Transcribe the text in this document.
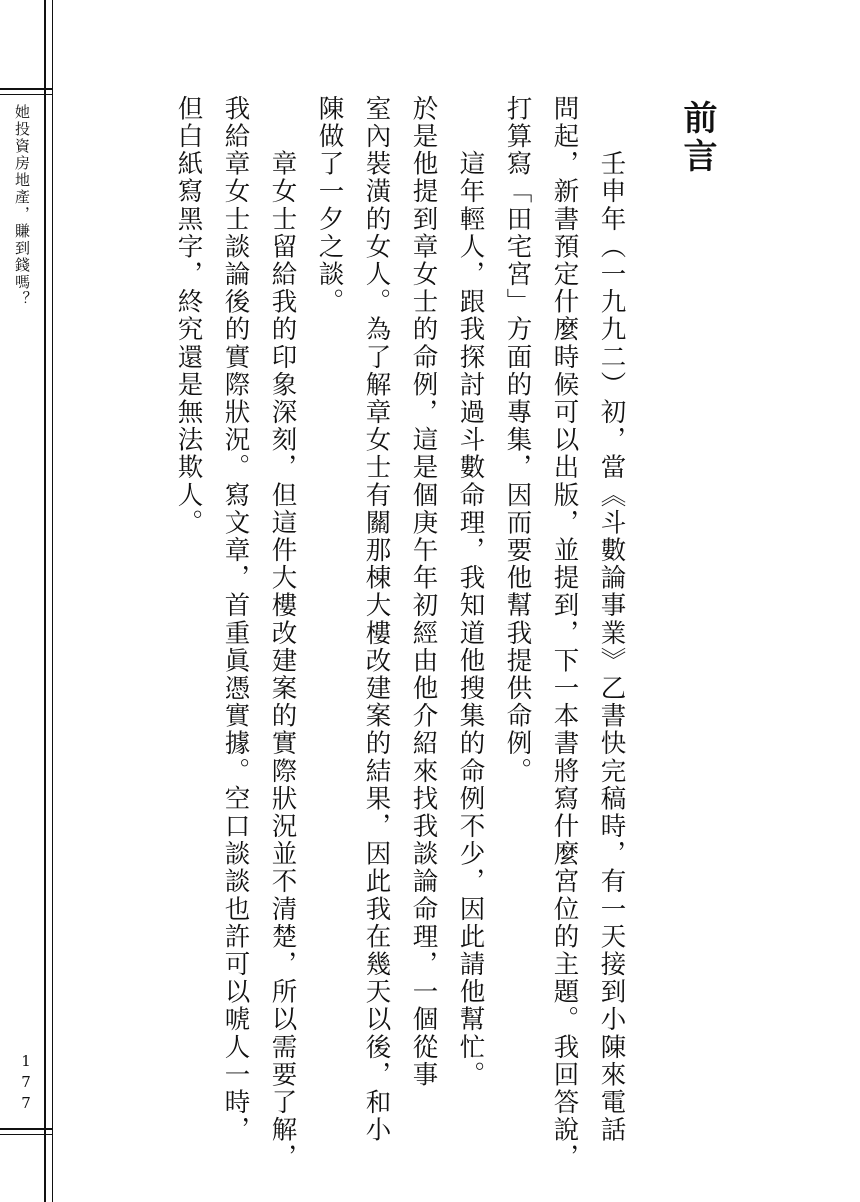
她投資房地產，賺到錢嗎？
177
前言
　　壬申年（一九九二）初，當《斗數論事業》乙書快完稿時，有一天接到小陳來電話
問起，新書預定什麼時候可以出版，並提到，下一本書將寫什麼宮位的主題。我回答說，
打算寫「田宅宮」方面的專集，因而要他幫我提供命例。
　　這年輕人，跟我探討過斗數命理，我知道他搜集的命例不少，因此請他幫忙。
於是他提到章女士的命例，這是個庚午年初經由他介紹來找我談論命理，一個從事
室內裝潢的女人。為了解章女士有關那棟大樓改建案的結果，因此我在幾天以後，和小
陳做了一夕之談。
　　章女士留給我的印象深刻，但這件大樓改建案的實際狀況並不清楚，所以需要了解，
我給章女士談論後的實際狀況。寫文章，首重眞憑實據。空口談談也許可以唬人一時，
但白紙寫黑字，終究還是無法欺人。
